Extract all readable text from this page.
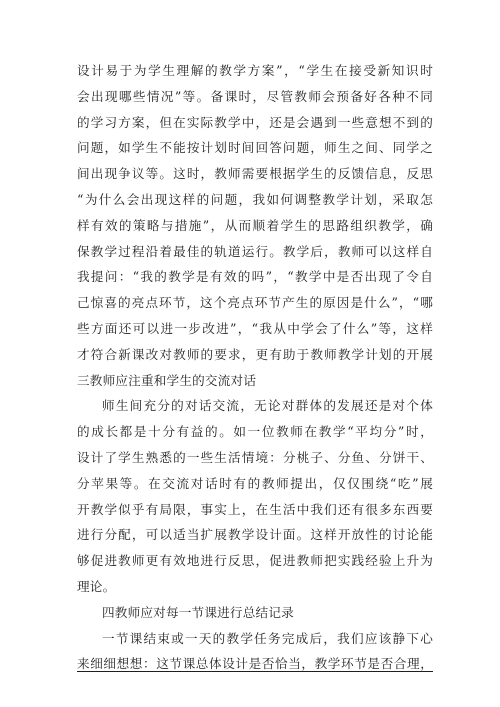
设计易于为学生理解的教学方案”，“学生在接受新知识时
会出现哪些情况”等。备课时，尽管教师会预备好各种不同
的学习方案，但在实际教学中，还是会遇到一些意想不到的
问题，如学生不能按计划时间回答问题，师生之间、同学之
间出现争议等。这时，教师需要根据学生的反馈信息，反思
“为什么会出现这样的问题，我如何调整教学计划，采取怎
样有效的策略与措施”，从而顺着学生的思路组织教学，确
保教学过程沿着最佳的轨道运行。教学后，教师可以这样自
我提问：“我的教学是有效的吗”，“教学中是否出现了令自
己惊喜的亮点环节，这个亮点环节产生的原因是什么”，“哪
些方面还可以进一步改进”，“我从中学会了什么”等，这样
才符合新课改对教师的要求，更有助于教师教学计划的开展
三教师应注重和学生的交流对话
师生间充分的对话交流，无论对群体的发展还是对个体
的成长都是十分有益的。如一位教师在教学“平均分”时，
设计了学生熟悉的一些生活情境：分桃子、分鱼、分饼干、
分苹果等。在交流对话时有的教师提出，仅仅围绕“吃”展
开教学似乎有局限，事实上，在生活中我们还有很多东西要
进行分配，可以适当扩展教学设计面。这样开放性的讨论能
够促进教师更有效地进行反思，促进教师把实践经验上升为
理论。
四教师应对每一节课进行总结记录
一节课结束或一天的教学任务完成后，我们应该静下心
来细细想想：这节课总体设计是否恰当，教学环节是否合理，
